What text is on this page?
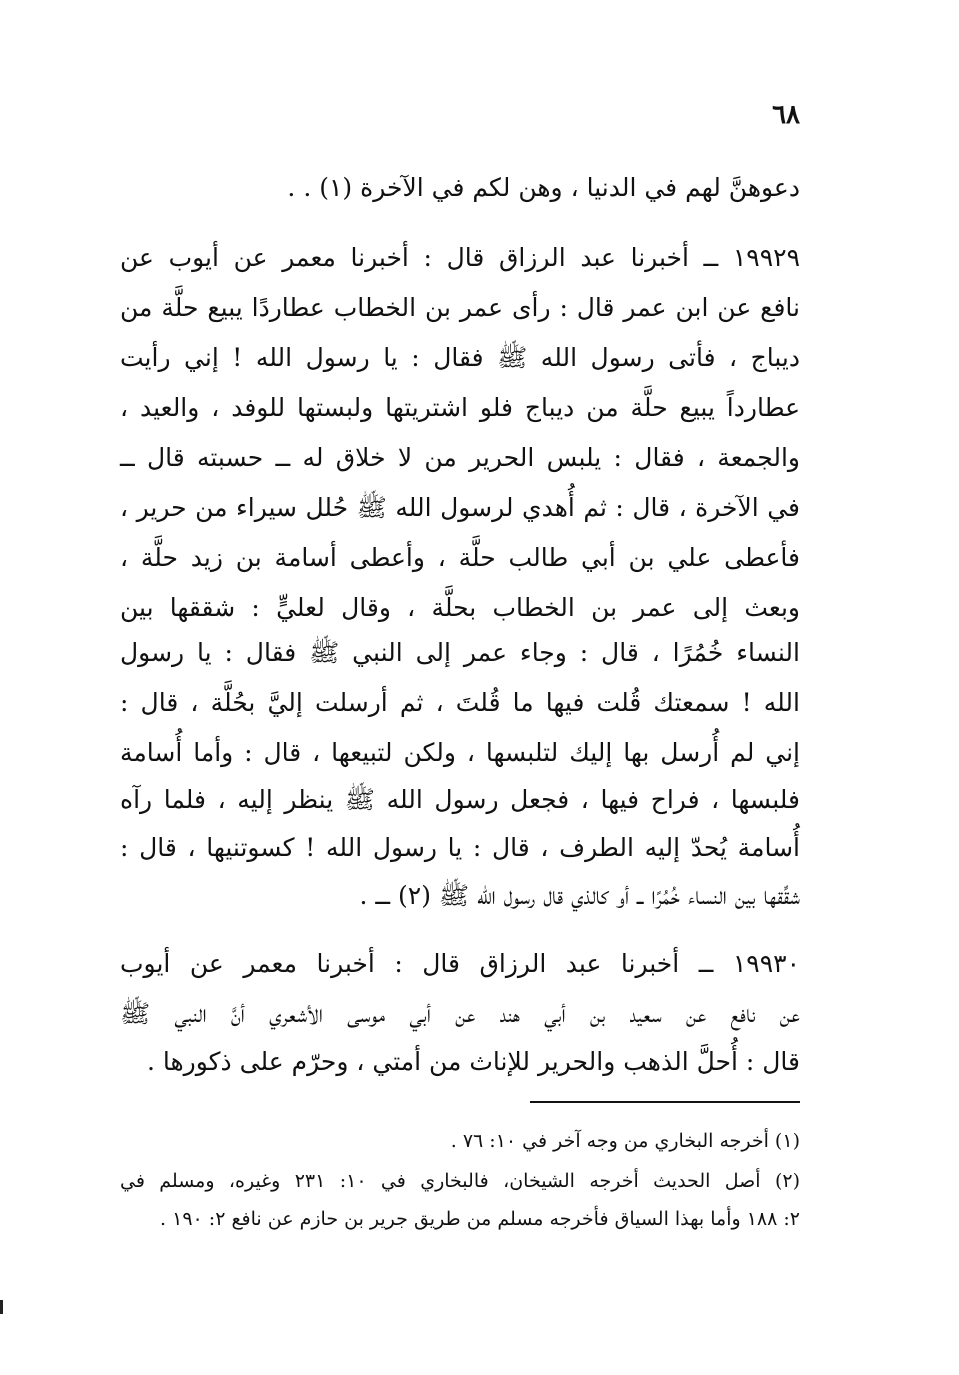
٦٨
دعوهنَّ لهم في الدنيا ، وهن لكم في الآخرة (١) . .
١٩٩٢٩ ــ أخبرنا عبد الرزاق قال : أخبرنا معمر عن أيوب عن
نافع عن ابن عمر قال : رأى عمر بن الخطاب عطاردًا يبيع حلَّة من
ديباج ، فأتى رسول الله ﷺ فقال : يا رسول الله ! إني رأيت
عطارداً يبيع حلَّة من ديباج فلو اشتريتها ولبستها للوفد ، والعيد ،
والجمعة ، فقال : يلبس الحرير من لا خلاق له ــ حسبته قال ــ
في الآخرة ، قال : ثم أُهدي لرسول الله ﷺ حُلل سيراء من حرير ،
فأعطى علي بن أبي طالب حلَّة ، وأعطى أسامة بن زيد حلَّة ،
وبعث إلى عمر بن الخطاب بحلَّة ، وقال لعليٍّ : شققها بين
النساء خُمُرًا ، قال : وجاء عمر إلى النبي ﷺ فقال : يا رسول
الله ! سمعتك قُلت فيها ما قُلتَ ، ثم أرسلت إليَّ بحُلَّة ، قال :
إني لم أُرسل بها إليك لتلبسها ، ولكن لتبيعها ، قال : وأما أُسامة
فلبسها ، فراح فيها ، فجعل رسول الله ﷺ ينظر إليه ، فلما رآه
أُسامة يُحدّ إليه الطرف ، قال : يا رسول الله ! كسوتنيها ، قال :
شقِّقها بين النساء خُمُرًا ــ أو كالذي قال رسول الله ﷺ (٢) ــ .
١٩٩٣٠ ــ أخبرنا عبد الرزاق قال : أخبرنا معمر عن أيوب
عن نافع عن سعيد بن أبي هند عن أبي موسى الأشعري أنَّ النبي ﷺ
قال : أُحلَّ الذهب والحرير للإناث من أمتي ، وحرّم على ذكورها .
(١) أخرجه البخاري من وجه آخر في ١٠: ٧٦ .
(٢) أصل الحديث أخرجه الشيخان، فالبخاري في ١٠: ٢٣١ وغيره، ومسلم في
٢: ١٨٨ وأما بهذا السياق فأخرجه مسلم من طريق جرير بن حازم عن نافع ٢: ١٩٠ .
